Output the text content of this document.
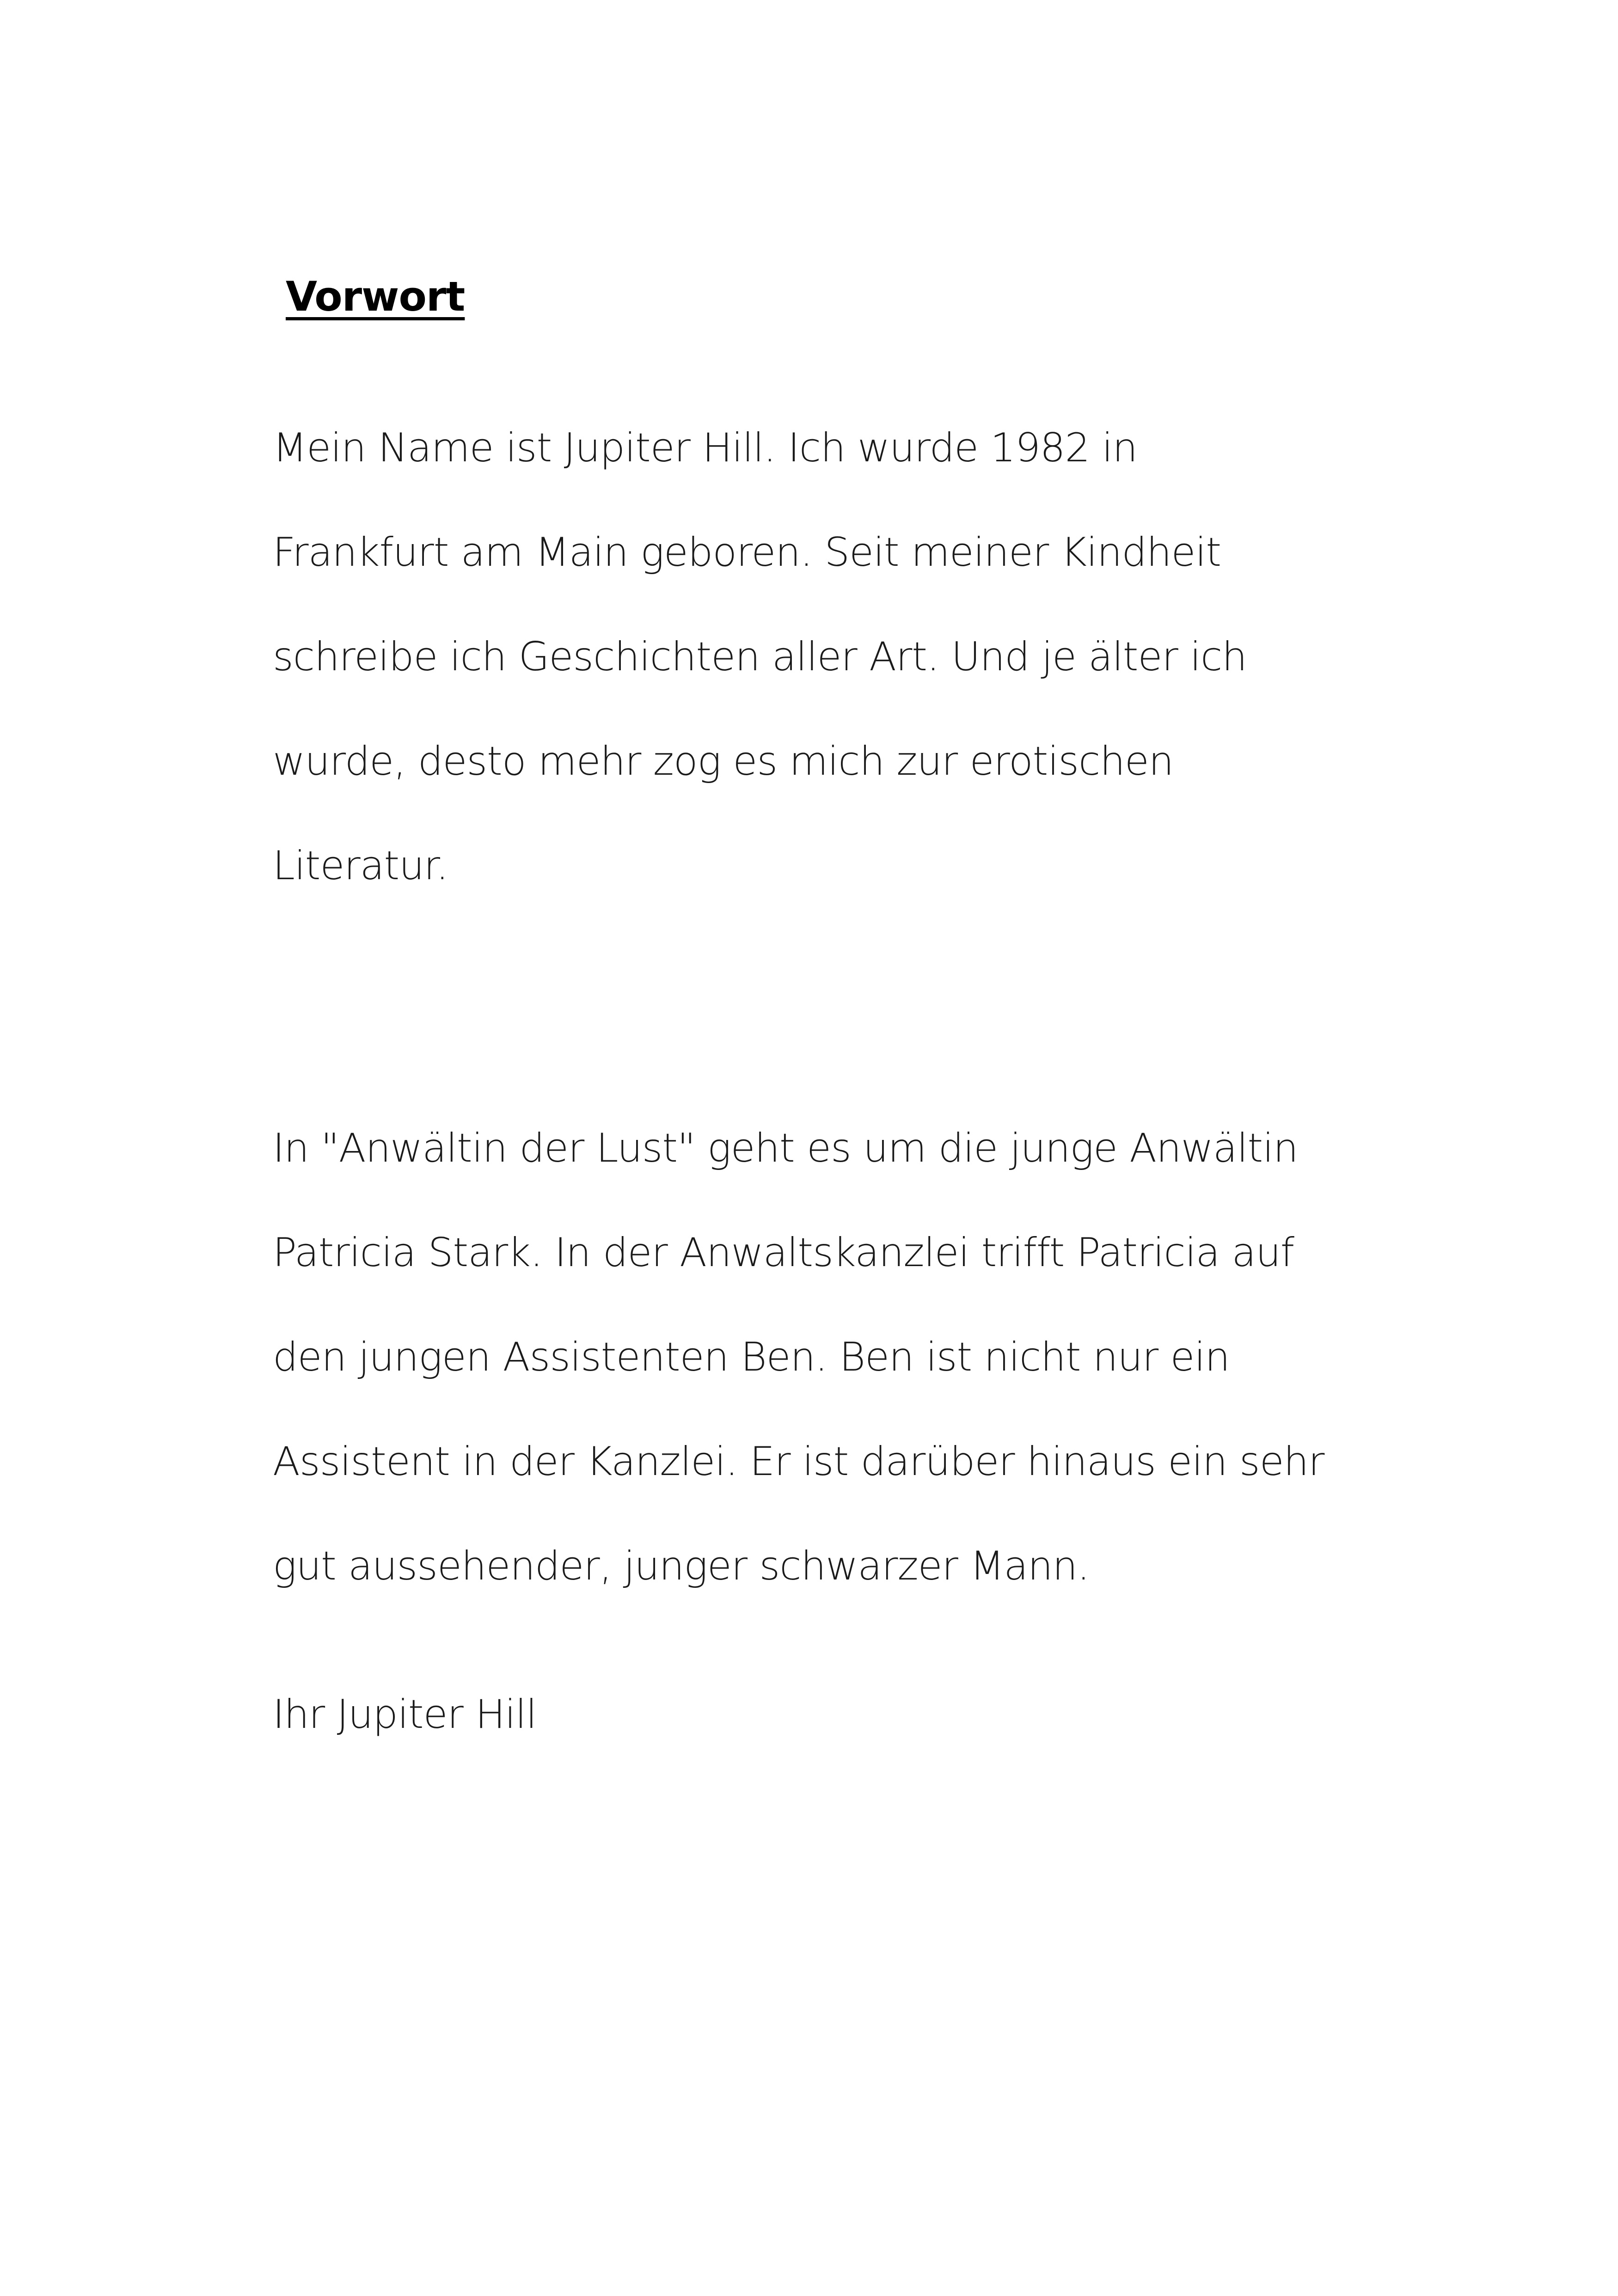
Vorwort
Mein Name ist Jupiter Hill. Ich wurde 1982 in
Frankfurt am Main geboren. Seit meiner Kindheit
schreibe ich Geschichten aller Art. Und je älter ich
wurde, desto mehr zog es mich zur erotischen
Literatur.
In "Anwältin der Lust" geht es um die junge Anwältin
Patricia Stark. In der Anwaltskanzlei trifft Patricia auf
den jungen Assistenten Ben. Ben ist nicht nur ein
Assistent in der Kanzlei. Er ist darüber hinaus ein sehr
gut aussehender, junger schwarzer Mann.

Ihr Jupiter Hill
